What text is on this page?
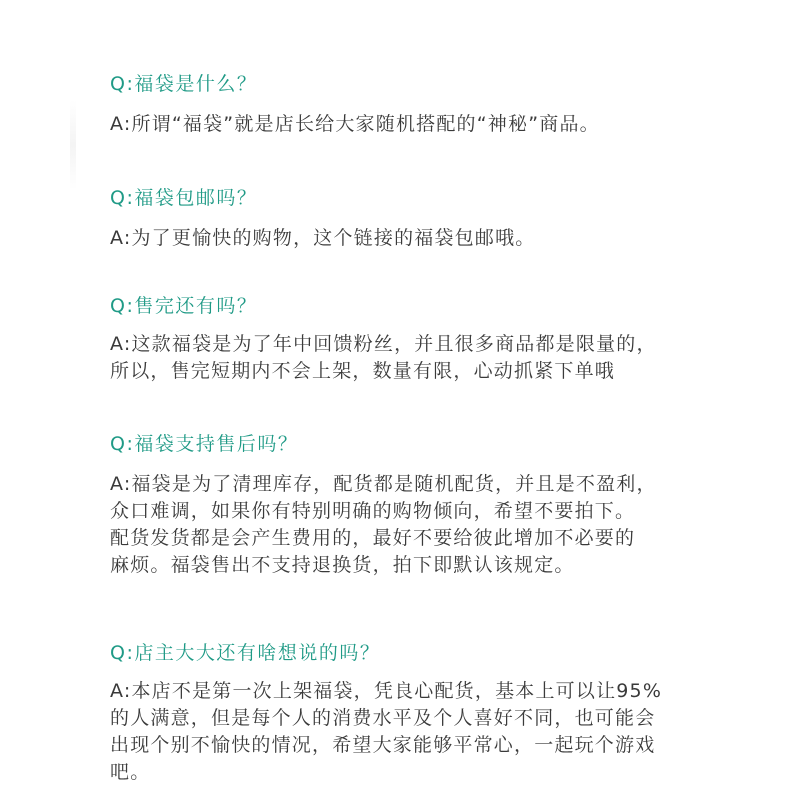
Q:福袋是什么？

A:所谓“福袋”就是店长给大家随机搭配的“神秘”商品。

Q:福袋包邮吗？

A:为了更愉快的购物，这个链接的福袋包邮哦。

Q:售完还有吗？

A:这款福袋是为了年中回馈粉丝，并且很多商品都是限量的，
所以，售完短期内不会上架，数量有限，心动抓紧下单哦

Q:福袋支持售后吗？

A:福袋是为了清理库存，配货都是随机配货，并且是不盈利，
众口难调，如果你有特别明确的购物倾向，希望不要拍下。
配货发货都是会产生费用的，最好不要给彼此增加不必要的
麻烦。福袋售出不支持退换货，拍下即默认该规定。

Q:店主大大还有啥想说的吗？

A:本店不是第一次上架福袋，凭良心配货，基本上可以让95%
的人满意，但是每个人的消费水平及个人喜好不同，也可能会
出现个别不愉快的情况，希望大家能够平常心，一起玩个游戏
吧。
